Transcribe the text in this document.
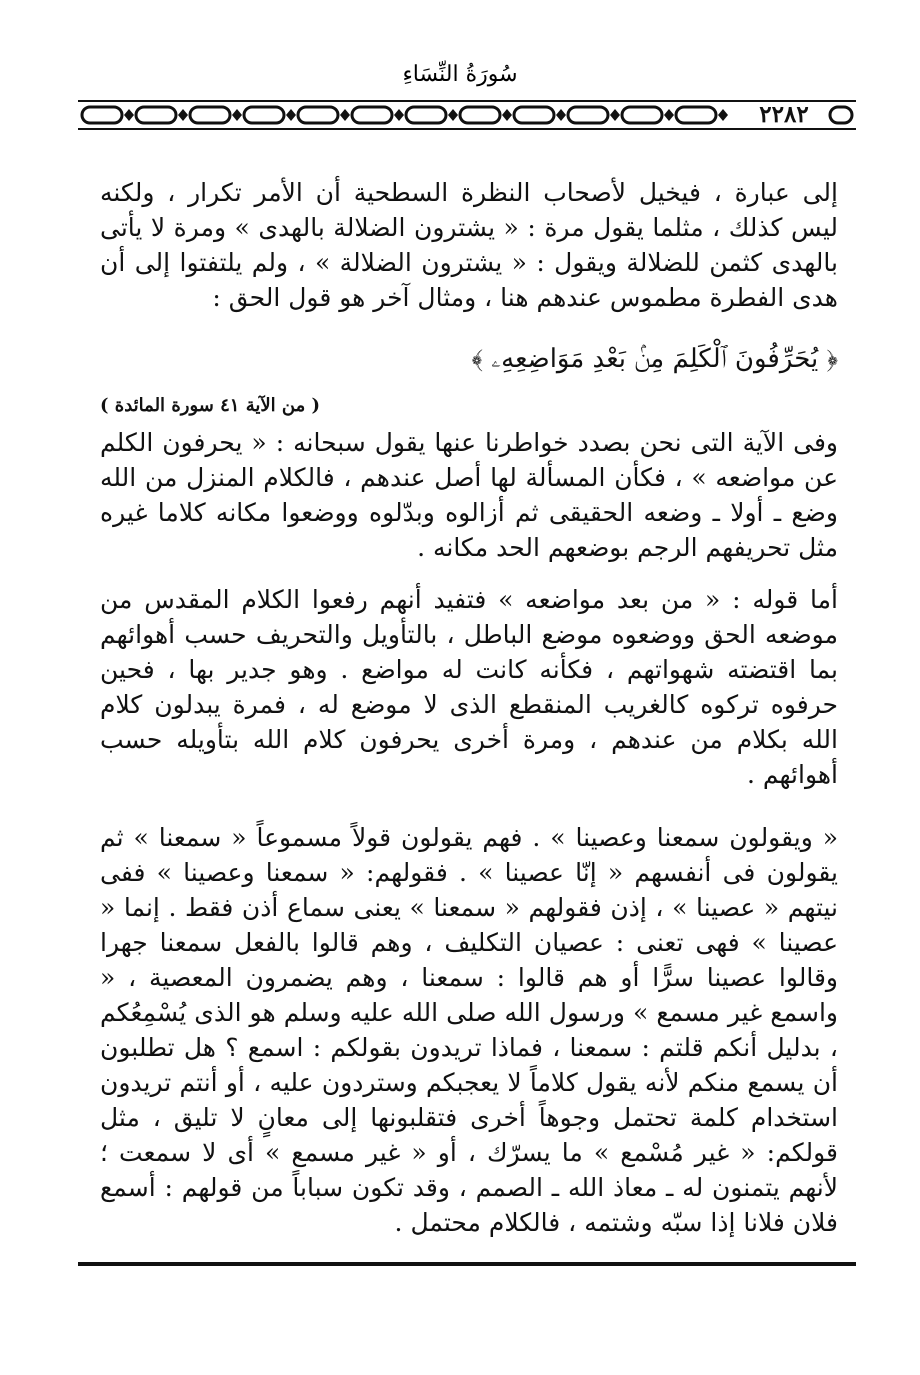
سُورَةُ النِّسَاءِ
٢٢٨٢

إلى عبارة ، فيخيل لأصحاب النظرة السطحية أن الأمر تكرار ، ولكنه ليس كذلك ، مثلما يقول مرة : « يشترون الضلالة بالهدى » ومرة لا يأتى بالهدى كثمن للضلالة ويقول : « يشترون الضلالة » ، ولم يلتفتوا إلى أن هدى الفطرة مطموس عندهم هنا ، ومثال آخر هو قول الحق :

﴿ يُحَرِّفُونَ ٱلْكَلِمَ مِنۢ بَعْدِ مَوَاضِعِهِۦ ﴾
( من الآية ٤١ سورة المائدة )

وفى الآية التى نحن بصدد خواطرنا عنها يقول سبحانه : « يحرفون الكلم عن مواضعه » ، فكأن المسألة لها أصل عندهم ، فالكلام المنزل من الله وضع ـ أولا ـ وضعه الحقيقى ثم أزالوه وبدّلوه ووضعوا مكانه كلاما غيره مثل تحريفهم الرجم بوضعهم الحد مكانه .

أما قوله : « من بعد مواضعه » فتفيد أنهم رفعوا الكلام المقدس من موضعه الحق ووضعوه موضع الباطل ، بالتأويل والتحريف حسب أهوائهم بما اقتضته شهواتهم ، فكأنه كانت له مواضع . وهو جدير بها ، فحين حرفوه تركوه كالغريب المنقطع الذى لا موضع له ، فمرة يبدلون كلام الله بكلام من عندهم ، ومرة أخرى يحرفون كلام الله بتأويله حسب أهوائهم .

« ويقولون سمعنا وعصينا » . فهم يقولون قولاً مسموعاً « سمعنا » ثم يقولون فى أنفسهم « إنّا عصينا » . فقولهم: « سمعنا وعصينا » ففى نيتهم « عصينا » ، إذن فقولهم « سمعنا » يعنى سماع أذن فقط . إنما « عصينا » فهى تعنى : عصيان التكليف ، وهم قالوا بالفعل سمعنا جهرا وقالوا عصينا سرًّا أو هم قالوا : سمعنا ، وهم يضمرون المعصية ، « واسمع غير مسمع » ورسول الله صلى الله عليه وسلم هو الذى يُسْمِعُكم ، بدليل أنكم قلتم : سمعنا ، فماذا تريدون بقولكم : اسمع ؟ هل تطلبون أن يسمع منكم لأنه يقول كلاماً لا يعجبكم وستردون عليه ، أو أنتم تريدون استخدام كلمة تحتمل وجوهاً أخرى فتقلبونها إلى معانٍ لا تليق ، مثل قولكم: « غير مُسْمع » ما يسرّك ، أو « غير مسمع » أى لا سمعت ؛ لأنهم يتمنون له ـ معاذ الله ـ الصمم ، وقد تكون سباباً من قولهم : أسمع فلان فلانا إذا سبّه وشتمه ، فالكلام محتمل .
